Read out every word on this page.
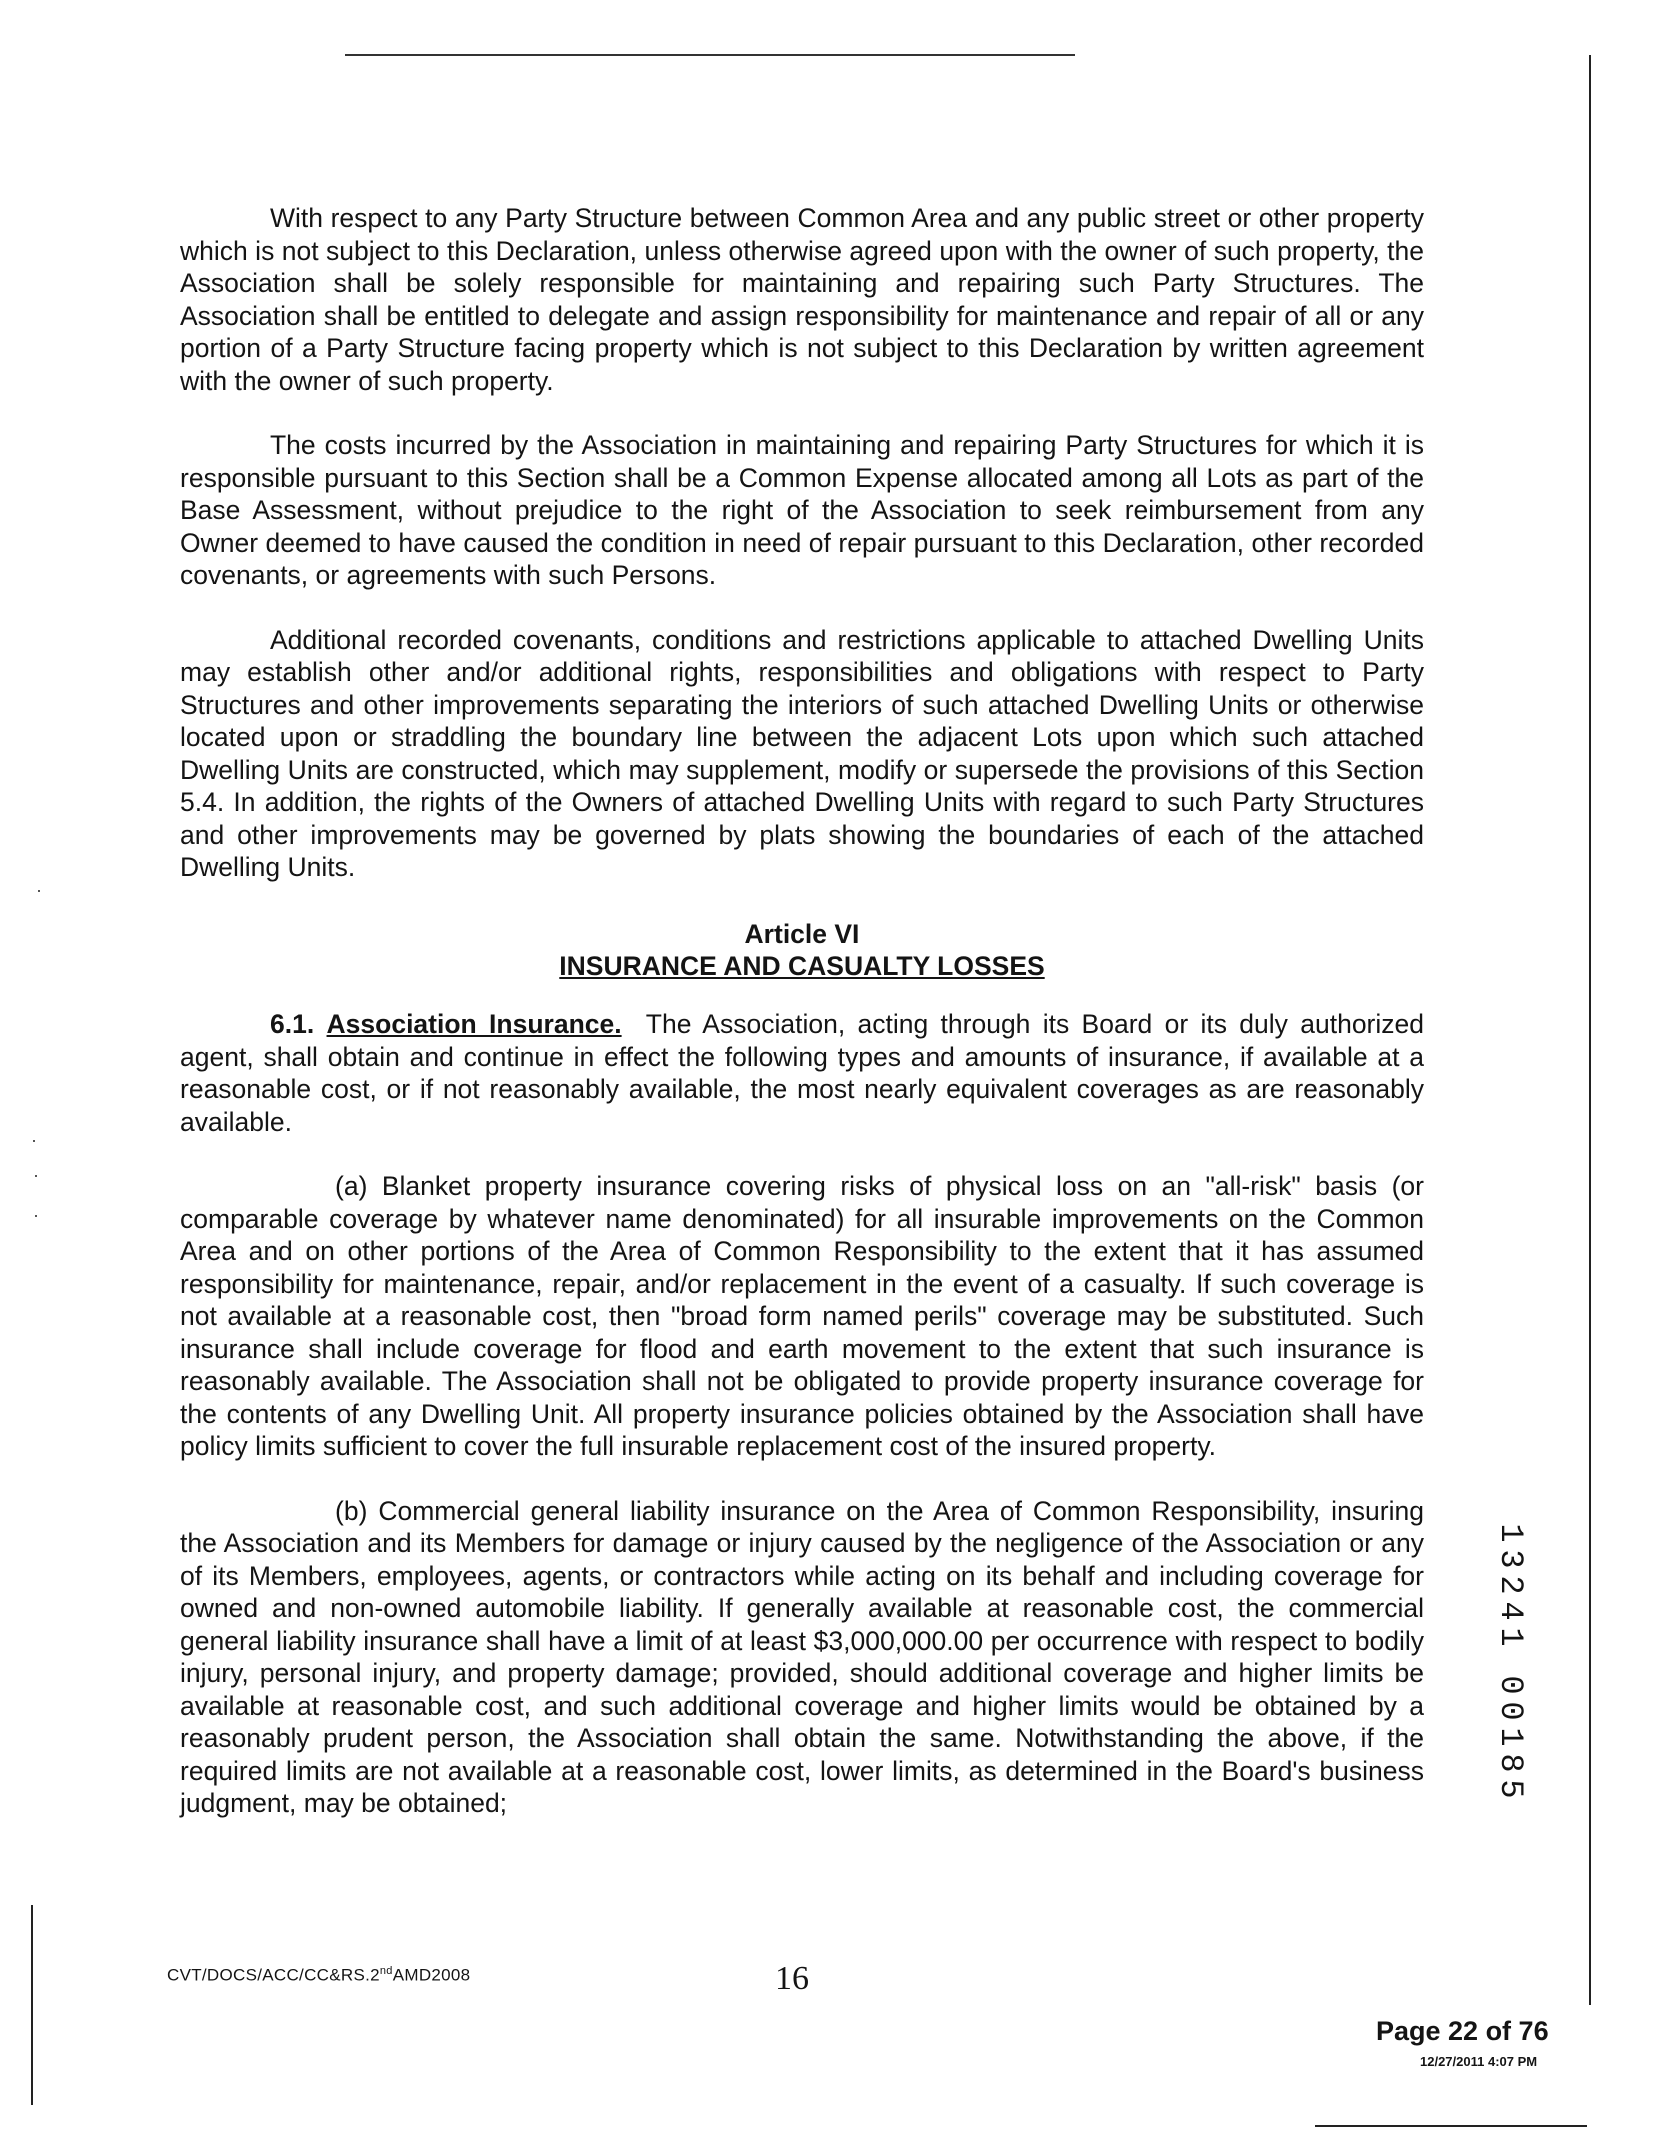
With respect to any Party Structure between Common Area and any public street or other property which is not subject to this Declaration, unless otherwise agreed upon with the owner of such property, the Association shall be solely responsible for maintaining and repairing such Party Structures. The Association shall be entitled to delegate and assign responsibility for maintenance and repair of all or any portion of a Party Structure facing property which is not subject to this Declaration by written agreement with the owner of such property.

The costs incurred by the Association in maintaining and repairing Party Structures for which it is responsible pursuant to this Section shall be a Common Expense allocated among all Lots as part of the Base Assessment, without prejudice to the right of the Association to seek reimbursement from any Owner deemed to have caused the condition in need of repair pursuant to this Declaration, other recorded covenants, or agreements with such Persons.

Additional recorded covenants, conditions and restrictions applicable to attached Dwelling Units may establish other and/or additional rights, responsibilities and obligations with respect to Party Structures and other improvements separating the interiors of such attached Dwelling Units or otherwise located upon or straddling the boundary line between the adjacent Lots upon which such attached Dwelling Units are constructed, which may supplement, modify or supersede the provisions of this Section 5.4. In addition, the rights of the Owners of attached Dwelling Units with regard to such Party Structures and other improvements may be governed by plats showing the boundaries of each of the attached Dwelling Units.

Article VI
INSURANCE AND CASUALTY LOSSES

6.1. Association Insurance. The Association, acting through its Board or its duly authorized agent, shall obtain and continue in effect the following types and amounts of insurance, if available at a reasonable cost, or if not reasonably available, the most nearly equivalent coverages as are reasonably available.

(a) Blanket property insurance covering risks of physical loss on an "all-risk" basis (or comparable coverage by whatever name denominated) for all insurable improvements on the Common Area and on other portions of the Area of Common Responsibility to the extent that it has assumed responsibility for maintenance, repair, and/or replacement in the event of a casualty. If such coverage is not available at a reasonable cost, then "broad form named perils" coverage may be substituted. Such insurance shall include coverage for flood and earth movement to the extent that such insurance is reasonably available. The Association shall not be obligated to provide property insurance coverage for the contents of any Dwelling Unit. All property insurance policies obtained by the Association shall have policy limits sufficient to cover the full insurable replacement cost of the insured property.

(b) Commercial general liability insurance on the Area of Common Responsibility, insuring the Association and its Members for damage or injury caused by the negligence of the Association or any of its Members, employees, agents, or contractors while acting on its behalf and including coverage for owned and non-owned automobile liability. If generally available at reasonable cost, the commercial general liability insurance shall have a limit of at least $3,000,000.00 per occurrence with respect to bodily injury, personal injury, and property damage; provided, should additional coverage and higher limits be available at reasonable cost, and such additional coverage and higher limits would be obtained by a reasonably prudent person, the Association shall obtain the same. Notwithstanding the above, if the required limits are not available at a reasonable cost, lower limits, as determined in the Board's business judgment, may be obtained;

CVT/DOCS/ACC/CC&RS.2ndAMD2008	16
Page 22 of 76
12/27/2011 4:07 PM
1
3
2
4
1
0
0
1
8
5
